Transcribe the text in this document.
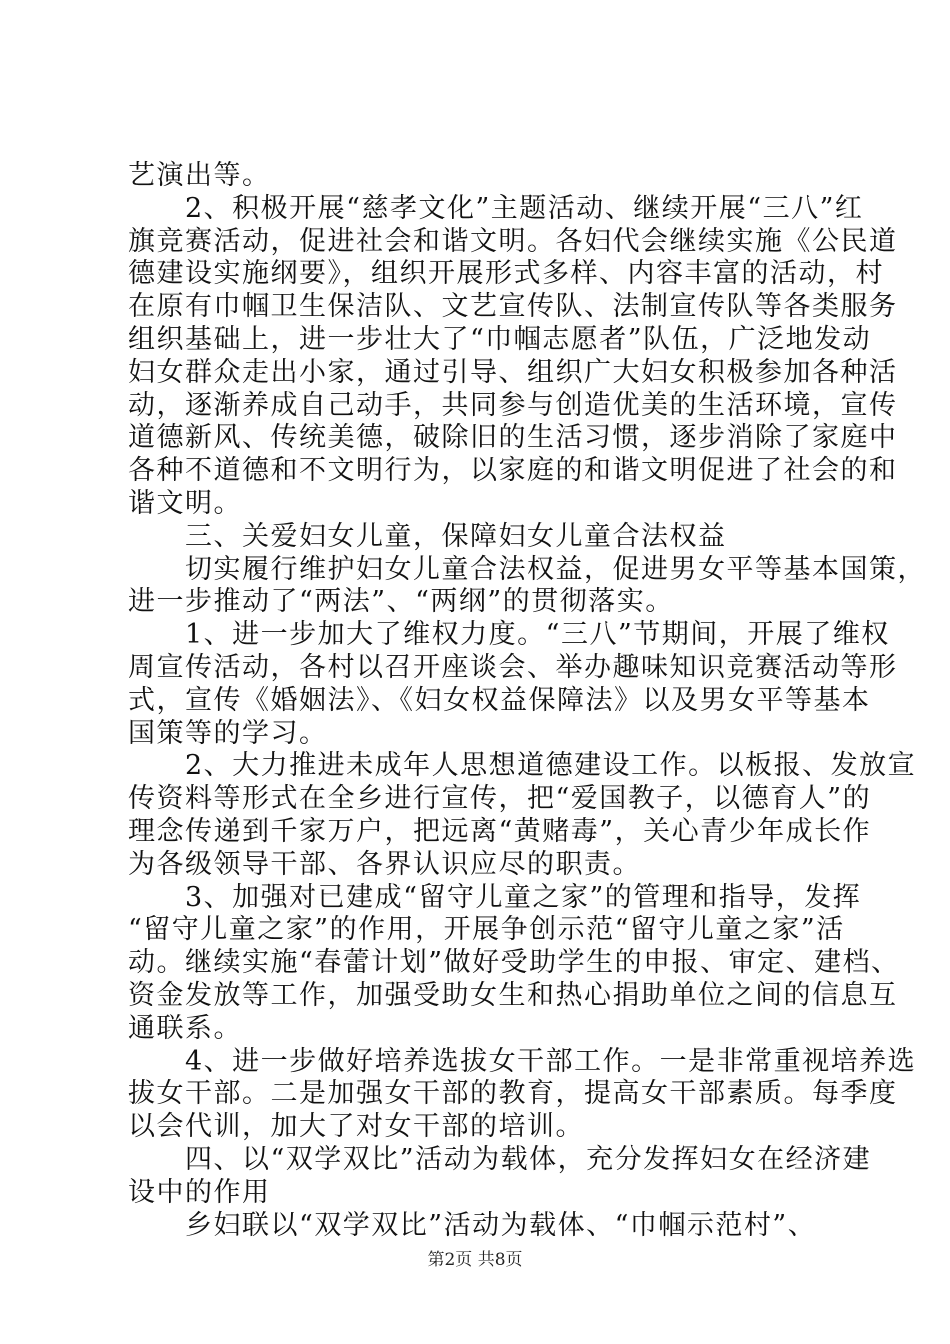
艺演出等。
　　2、积极开展“慈孝文化”主题活动、继续开展“三八”红
旗竞赛活动，促进社会和谐文明。各妇代会继续实施《公民道
德建设实施纲要》，组织开展形式多样、内容丰富的活动，村
在原有巾帼卫生保洁队、文艺宣传队、法制宣传队等各类服务
组织基础上，进一步壮大了“巾帼志愿者”队伍，广泛地发动
妇女群众走出小家，通过引导、组织广大妇女积极参加各种活
动，逐渐养成自己动手，共同参与创造优美的生活环境，宣传
道德新风、传统美德，破除旧的生活习惯，逐步消除了家庭中
各种不道德和不文明行为，以家庭的和谐文明促进了社会的和
谐文明。
　　三、关爱妇女儿童，保障妇女儿童合法权益
　　切实履行维护妇女儿童合法权益，促进男女平等基本国策，
进一步推动了“两法”、“两纲”的贯彻落实。
　　1、进一步加大了维权力度。“三八”节期间，开展了维权
周宣传活动，各村以召开座谈会、举办趣味知识竞赛活动等形
式，宣传《婚姻法》、《妇女权益保障法》以及男女平等基本
国策等的学习。
　　2、大力推进未成年人思想道德建设工作。以板报、发放宣
传资料等形式在全乡进行宣传，把“爱国教子，以德育人”的
理念传递到千家万户，把远离“黄赌毒”，关心青少年成长作
为各级领导干部、各界认识应尽的职责。
　　3、加强对已建成“留守儿童之家”的管理和指导，发挥
“留守儿童之家”的作用，开展争创示范“留守儿童之家”活
动。继续实施“春蕾计划”做好受助学生的申报、审定、建档、
资金发放等工作，加强受助女生和热心捐助单位之间的信息互
通联系。
　　4、进一步做好培养选拔女干部工作。一是非常重视培养选
拔女干部。二是加强女干部的教育，提高女干部素质。每季度
以会代训，加大了对女干部的培训。
　　四、以“双学双比”活动为载体，充分发挥妇女在经济建
设中的作用
　　乡妇联以“双学双比”活动为载体、“巾帼示范村”、
第2页 共8页
